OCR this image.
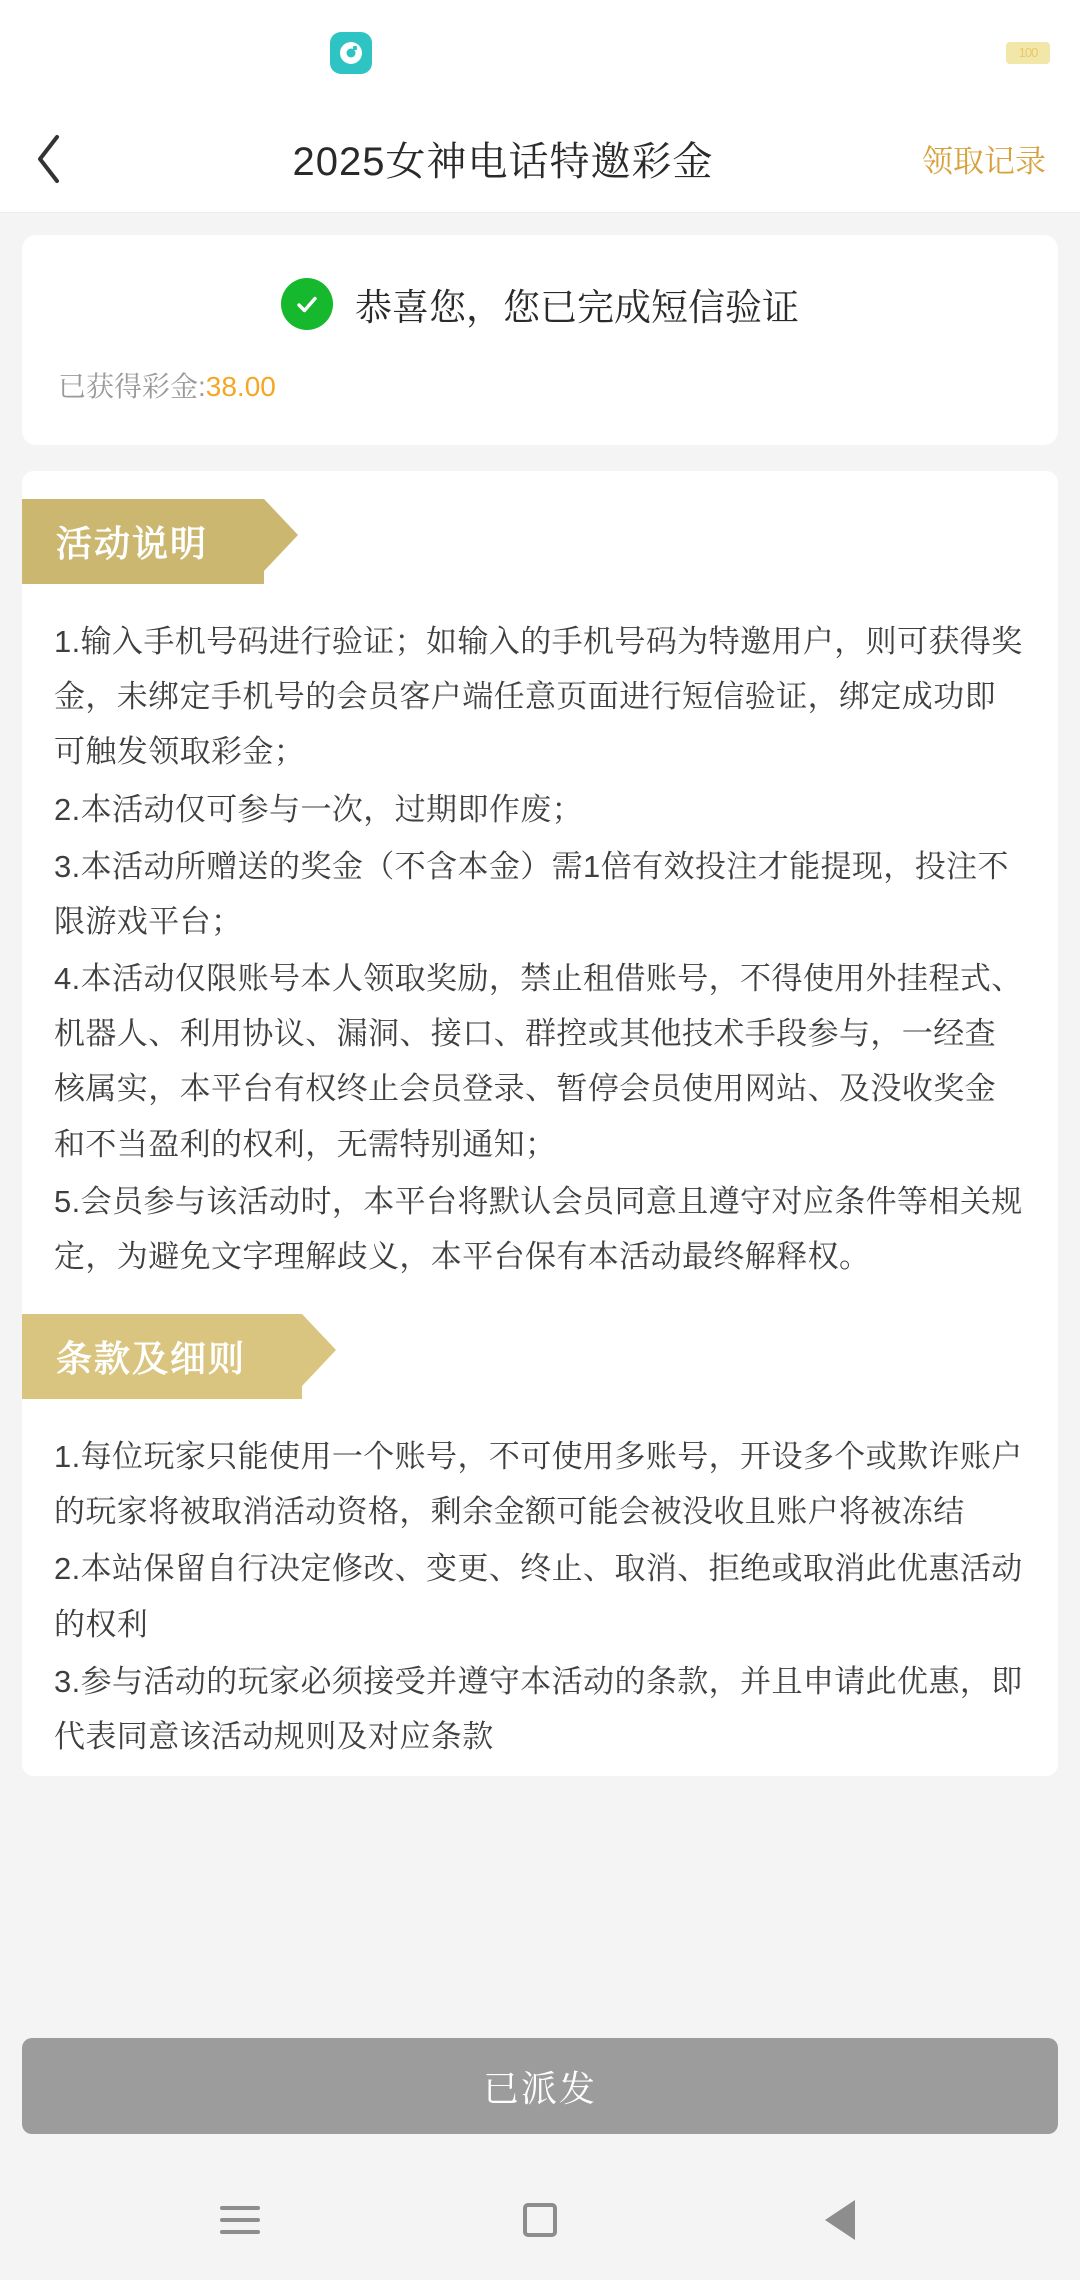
100
2025女神电话特邀彩金	领取记录
恭喜您，您已完成短信验证
已获得彩金:38.00
活动说明

1.输入手机号码进行验证；如输入的手机号码为特邀用户，则可获得奖金，未绑定手机号的会员客户端任意页面进行短信验证，绑定成功即可触发领取彩金；

2.本活动仅可参与一次，过期即作废；

3.本活动所赠送的奖金（不含本金）需1倍有效投注才能提现，投注不限游戏平台；

4.本活动仅限账号本人领取奖励，禁止租借账号，不得使用外挂程式、机器人、利用协议、漏洞、接口、群控或其他技术手段参与，一经查核属实，本平台有权终止会员登录、暂停会员使用网站、及没收奖金和不当盈利的权利，无需特别通知；

5.会员参与该活动时，本平台将默认会员同意且遵守对应条件等相关规定，为避免文字理解歧义，本平台保有本活动最终解释权。

条款及细则

1.每位玩家只能使用一个账号，不可使用多账号，开设多个或欺诈账户的玩家将被取消活动资格，剩余金额可能会被没收且账户将被冻结

2.本站保留自行决定修改、变更、终止、取消、拒绝或取消此优惠活动的权利

3.参与活动的玩家必须接受并遵守本活动的条款，并且申请此优惠，即代表同意该活动规则及对应条款

已派发
